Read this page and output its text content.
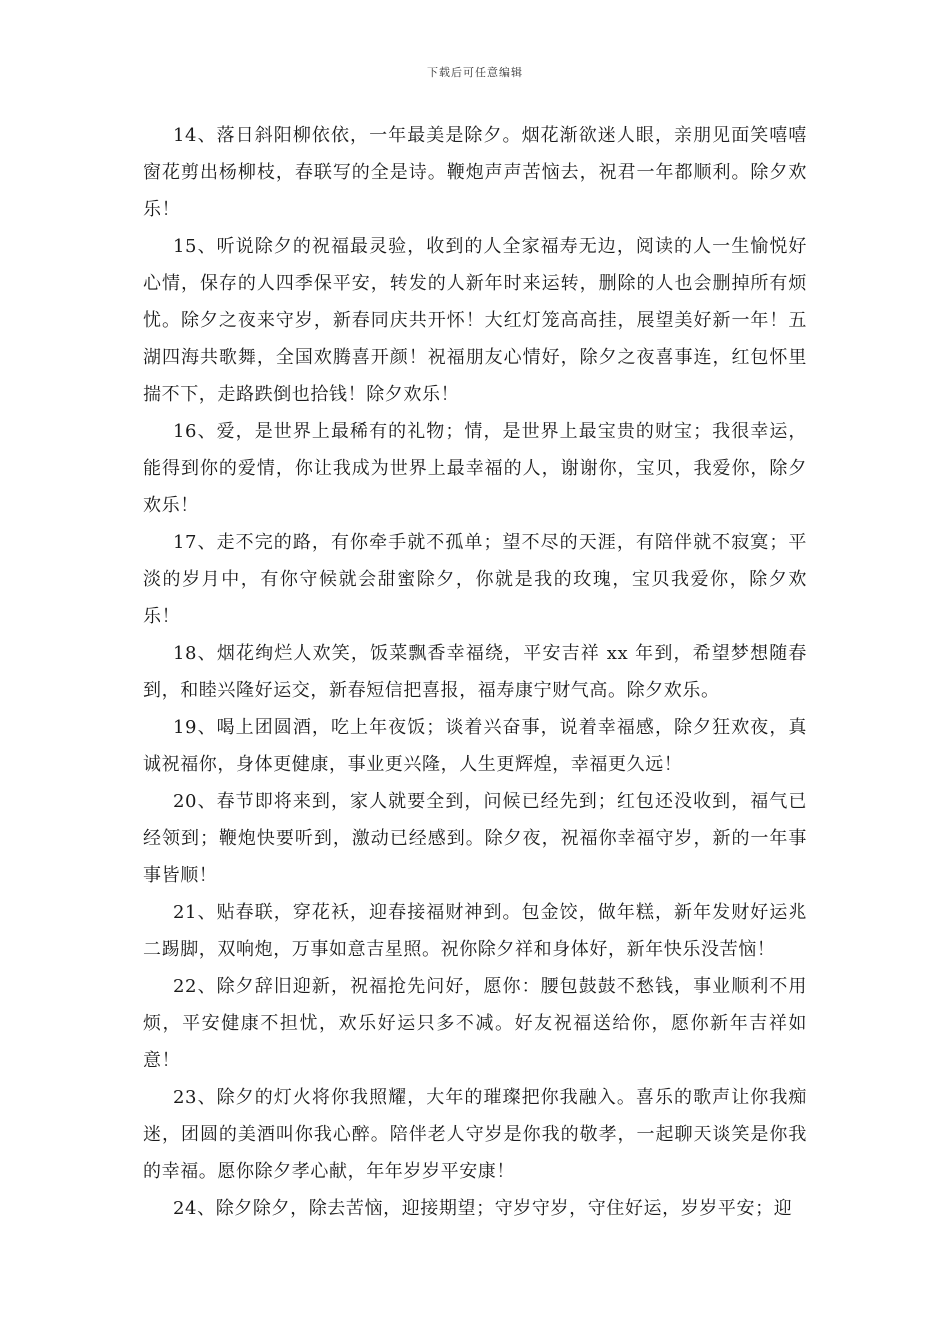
下载后可任意编辑

14、落日斜阳柳依依，一年最美是除夕。烟花渐欲迷人眼，亲朋见面笑嘻嘻窗花剪出杨柳枝，春联写的全是诗。鞭炮声声苦恼去，祝君一年都顺利。除夕欢乐！

15、听说除夕的祝福最灵验，收到的人全家福寿无边，阅读的人一生愉悦好心情，保存的人四季保平安，转发的人新年时来运转，删除的人也会删掉所有烦忧。除夕之夜来守岁，新春同庆共开怀！大红灯笼高高挂，展望美好新一年！五湖四海共歌舞，全国欢腾喜开颜！祝福朋友心情好，除夕之夜喜事连，红包怀里揣不下，走路跌倒也拾钱！除夕欢乐！

16、爱，是世界上最稀有的礼物；情，是世界上最宝贵的财宝；我很幸运，能得到你的爱情，你让我成为世界上最幸福的人，谢谢你，宝贝，我爱你，除夕欢乐！

17、走不完的路，有你牵手就不孤单；望不尽的天涯，有陪伴就不寂寞；平淡的岁月中，有你守候就会甜蜜除夕，你就是我的玫瑰，宝贝我爱你，除夕欢乐！

18、烟花绚烂人欢笑，饭菜飘香幸福绕，平安吉祥 xx 年到，希望梦想随春到，和睦兴隆好运交，新春短信把喜报，福寿康宁财气高。除夕欢乐。

19、喝上团圆酒，吃上年夜饭；谈着兴奋事，说着幸福感，除夕狂欢夜，真诚祝福你，身体更健康，事业更兴隆，人生更辉煌，幸福更久远！

20、春节即将来到，家人就要全到，问候已经先到；红包还没收到，福气已经领到；鞭炮快要听到，激动已经感到。除夕夜，祝福你幸福守岁，新的一年事事皆顺！

21、贴春联，穿花袄，迎春接福财神到。包金饺，做年糕，新年发财好运兆二踢脚，双响炮，万事如意吉星照。祝你除夕祥和身体好，新年快乐没苦恼！

22、除夕辞旧迎新，祝福抢先问好，愿你：腰包鼓鼓不愁钱，事业顺利不用烦，平安健康不担忧，欢乐好运只多不减。好友祝福送给你，愿你新年吉祥如意！

23、除夕的灯火将你我照耀，大年的璀璨把你我融入。喜乐的歌声让你我痴迷，团圆的美酒叫你我心醉。陪伴老人守岁是你我的敬孝，一起聊天谈笑是你我的幸福。愿你除夕孝心献，年年岁岁平安康！

24、除夕除夕，除去苦恼，迎接期望；守岁守岁，守住好运，岁岁平安；迎
